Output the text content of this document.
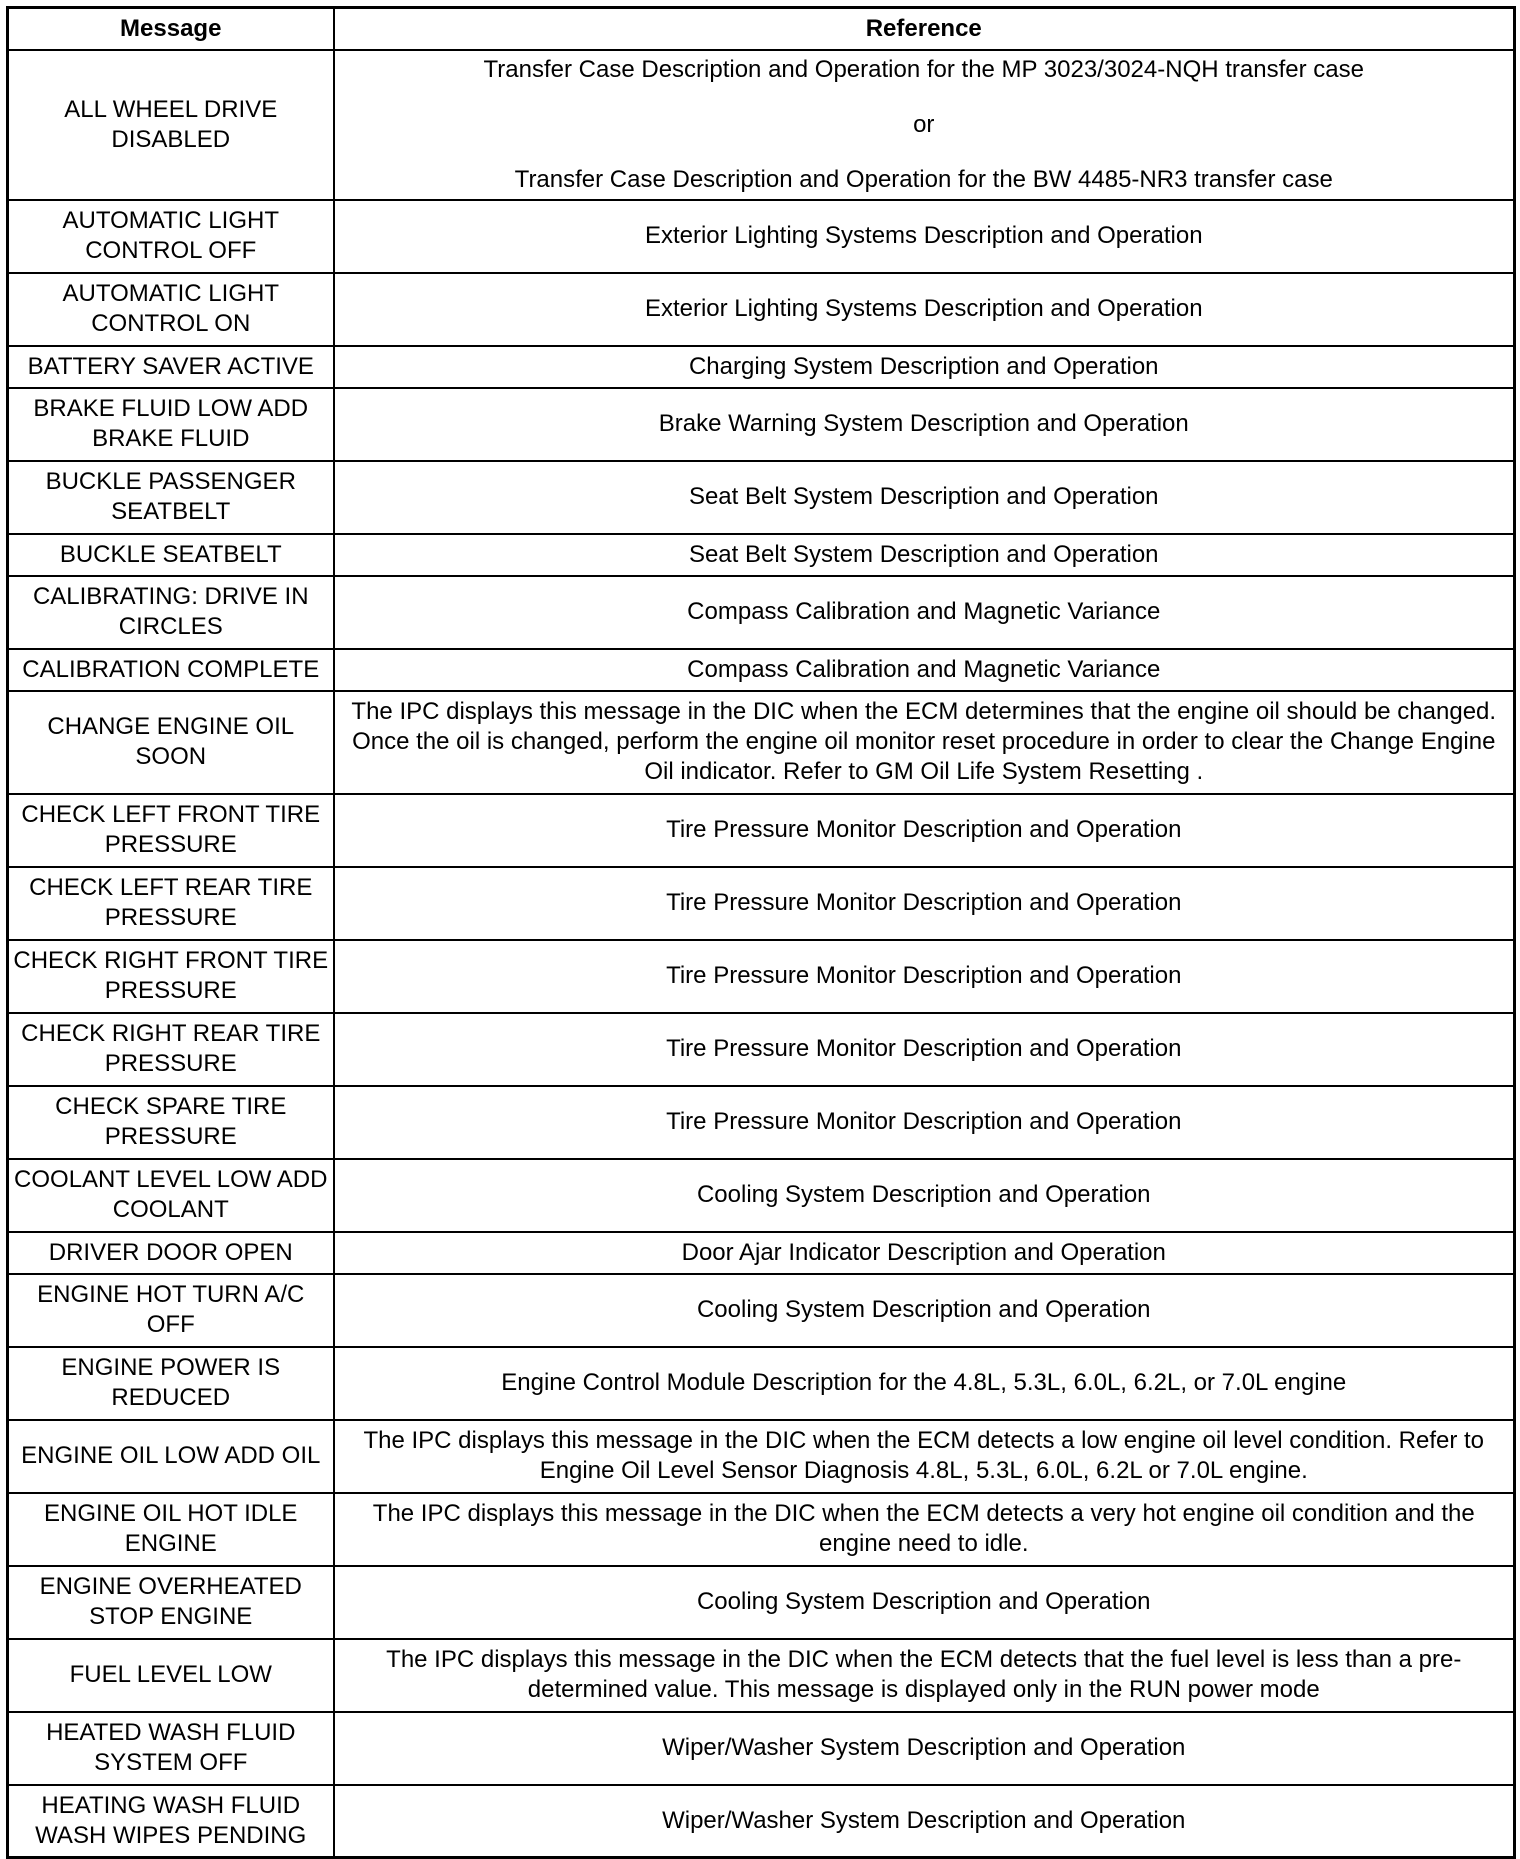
Message	Reference
ALL WHEEL DRIVE DISABLED	Transfer Case Description and Operation for the MP 3023/3024-NQH transfer case
or
Transfer Case Description and Operation for the BW 4485-NR3 transfer case

AUTOMATIC LIGHT CONTROL OFF	Exterior Lighting Systems Description and Operation
AUTOMATIC LIGHT CONTROL ON	Exterior Lighting Systems Description and Operation
BATTERY SAVER ACTIVE	Charging System Description and Operation
BRAKE FLUID LOW ADD BRAKE FLUID	Brake Warning System Description and Operation
BUCKLE PASSENGER SEATBELT	Seat Belt System Description and Operation
BUCKLE SEATBELT	Seat Belt System Description and Operation
CALIBRATING: DRIVE IN CIRCLES	Compass Calibration and Magnetic Variance
CALIBRATION COMPLETE	Compass Calibration and Magnetic Variance
CHANGE ENGINE OIL SOON	The IPC displays this message in the DIC when the ECM determines that the engine oil should be changed. Once the oil is changed, perform the engine oil monitor reset procedure in order to clear the Change Engine Oil indicator. Refer to GM Oil Life System Resetting .
CHECK LEFT FRONT TIRE PRESSURE	Tire Pressure Monitor Description and Operation
CHECK LEFT REAR TIRE PRESSURE	Tire Pressure Monitor Description and Operation
CHECK RIGHT FRONT TIRE PRESSURE	Tire Pressure Monitor Description and Operation
CHECK RIGHT REAR TIRE PRESSURE	Tire Pressure Monitor Description and Operation
CHECK SPARE TIRE PRESSURE	Tire Pressure Monitor Description and Operation
COOLANT LEVEL LOW ADD COOLANT	Cooling System Description and Operation
DRIVER DOOR OPEN	Door Ajar Indicator Description and Operation
ENGINE HOT TURN A/C OFF	Cooling System Description and Operation
ENGINE POWER IS REDUCED	Engine Control Module Description for the 4.8L, 5.3L, 6.0L, 6.2L, or 7.0L engine
ENGINE OIL LOW ADD OIL	The IPC displays this message in the DIC when the ECM detects a low engine oil level condition. Refer to Engine Oil Level Sensor Diagnosis 4.8L, 5.3L, 6.0L, 6.2L or 7.0L engine.
ENGINE OIL HOT IDLE ENGINE	The IPC displays this message in the DIC when the ECM detects a very hot engine oil condition and the engine need to idle.
ENGINE OVERHEATED STOP ENGINE	Cooling System Description and Operation
FUEL LEVEL LOW	The IPC displays this message in the DIC when the ECM detects that the fuel level is less than a pre-determined value. This message is displayed only in the RUN power mode
HEATED WASH FLUID SYSTEM OFF	Wiper/Washer System Description and Operation
HEATING WASH FLUID WASH WIPES PENDING	Wiper/Washer System Description and Operation
